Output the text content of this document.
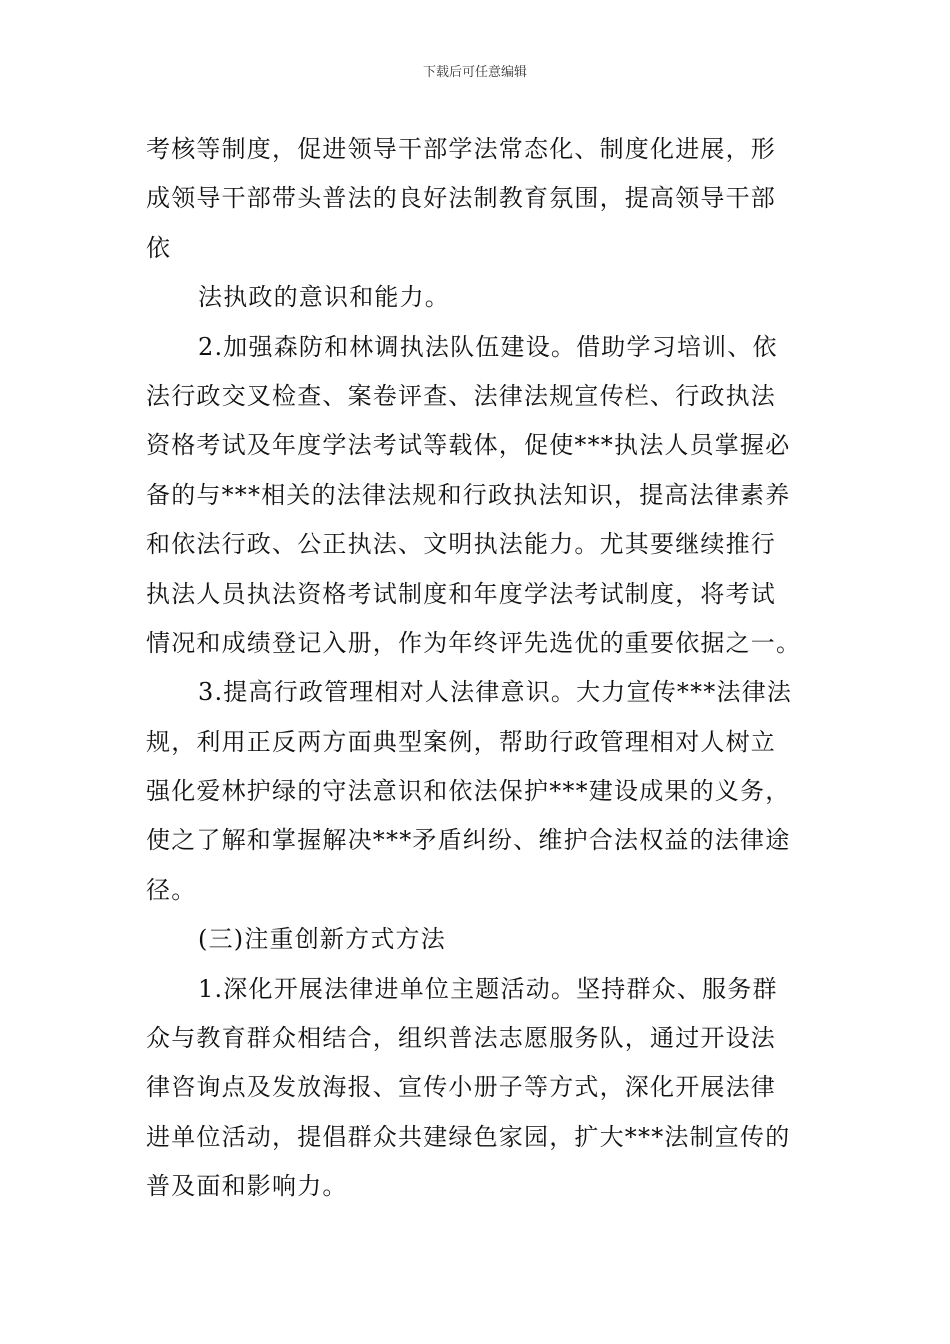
下载后可任意编辑
考核等制度，促进领导干部学法常态化、制度化进展，形
成领导干部带头普法的良好法制教育氛围，提高领导干部
依
法执政的意识和能力。
2.加强森防和林调执法队伍建设。借助学习培训、依
法行政交叉检查、案卷评查、法律法规宣传栏、行政执法
资格考试及年度学法考试等载体，促使***执法人员掌握必
备的与***相关的法律法规和行政执法知识，提高法律素养
和依法行政、公正执法、文明执法能力。尤其要继续推行
执法人员执法资格考试制度和年度学法考试制度，将考试
情况和成绩登记入册，作为年终评先选优的重要依据之一。
3.提高行政管理相对人法律意识。大力宣传***法律法
规，利用正反两方面典型案例，帮助行政管理相对人树立
强化爱林护绿的守法意识和依法保护***建设成果的义务，
使之了解和掌握解决***矛盾纠纷、维护合法权益的法律途
径。
(三)注重创新方式方法
1.深化开展法律进单位主题活动。坚持群众、服务群
众与教育群众相结合，组织普法志愿服务队，通过开设法
律咨询点及发放海报、宣传小册子等方式，深化开展法律
进单位活动，提倡群众共建绿色家园，扩大***法制宣传的
普及面和影响力。
